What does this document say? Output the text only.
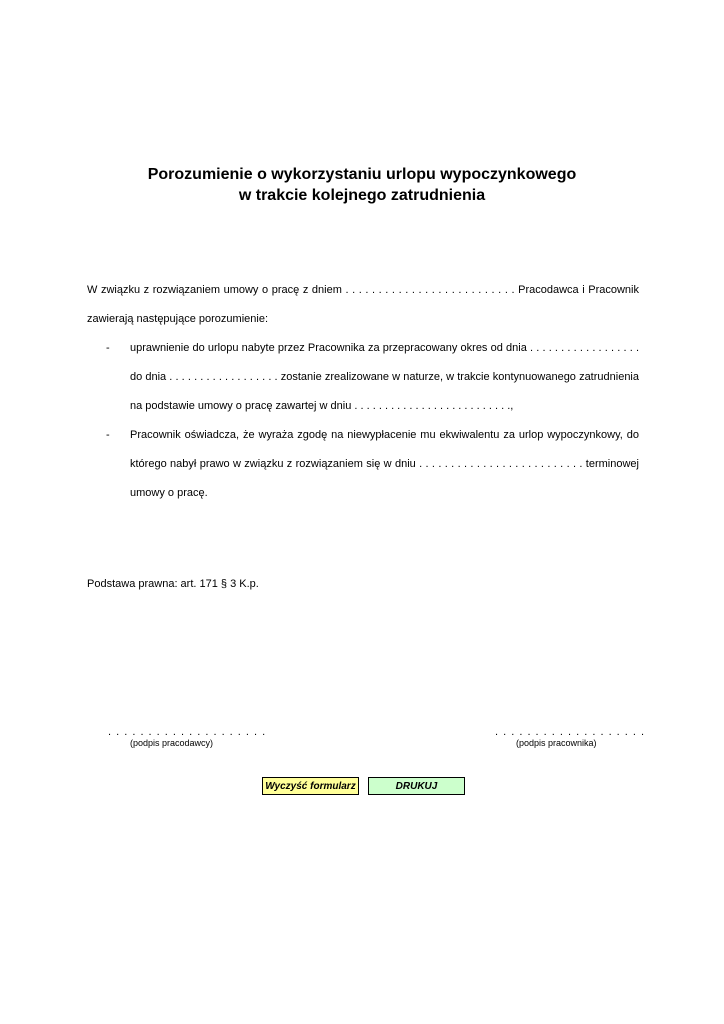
Porozumienie o wykorzystaniu urlopu wypoczynkowego
w trakcie kolejnego zatrudnienia
W związku z rozwiązaniem umowy o pracę z dniem . . . . . . . . . . . . . . . . . . . . . . . . . . Pracodawca i Pracownik
zawierają następujące porozumienie:
- uprawnienie do urlopu nabyte przez Pracownika za przepracowany okres od dnia . . . . . . . . . . . . . . . . . .
do dnia . . . . . . . . . . . . . . . . . . zostanie zrealizowane w naturze, w trakcie kontynuowanego zatrudnienia
na podstawie umowy o pracę zawartej w dniu . . . . . . . . . . . . . . . . . . . . . . . . . .,
- Pracownik oświadcza, że wyraża zgodę na niewypłacenie mu ekwiwalentu za urlop wypoczynkowy, do
którego nabył prawo w związku z rozwiązaniem się w dniu . . . . . . . . . . . . . . . . . . . . . . . . . . terminowej
umowy o pracę.
Podstawa prawna: art. 171 § 3 K.p.
. . . . . . . . . . . . . . . . . . . .
(podpis pracodawcy)
. . . . . . . . . . . . . . . . . . .
(podpis pracownika)
Wyczyść formularz	DRUKUJ
